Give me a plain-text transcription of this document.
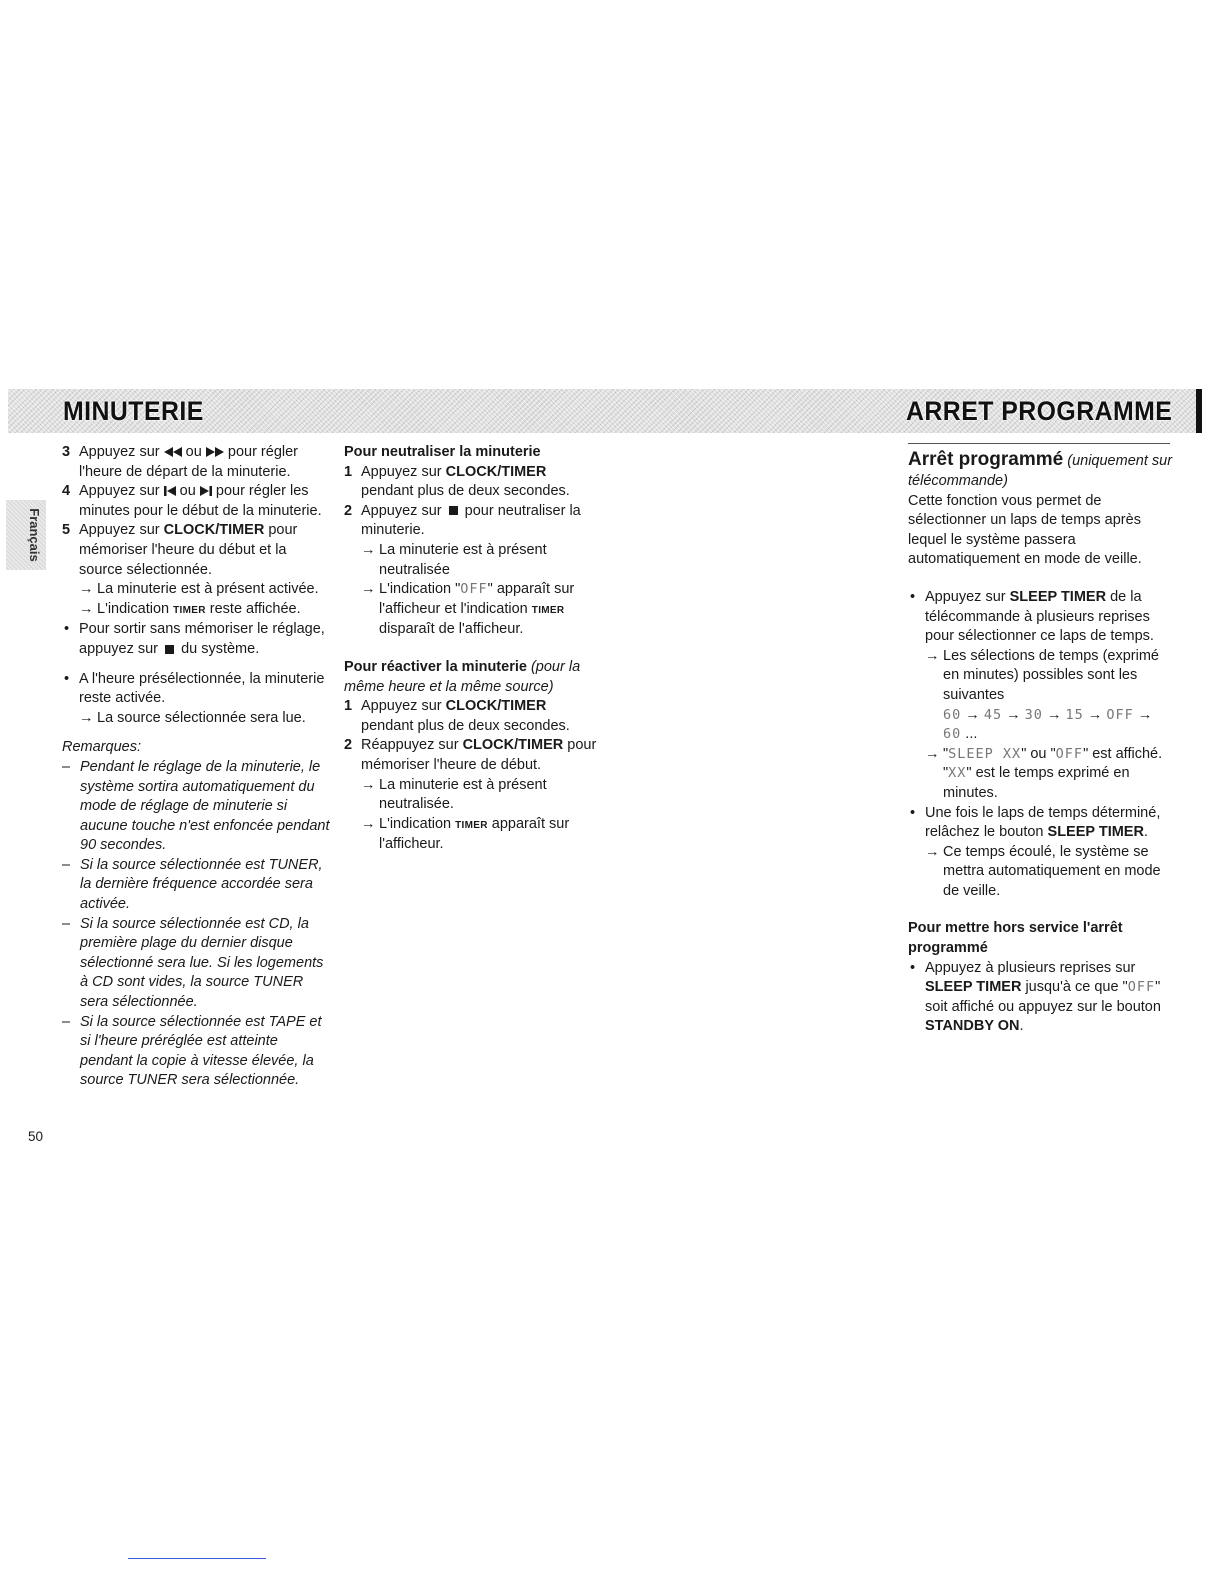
MINUTERIE	ARRET PROGRAMME
Français
3 Appuyez sur ou pour régler l'heure de départ de la minuterie.
4 Appuyez sur ou pour régler les minutes pour le début de la minuterie.
5 Appuyez sur CLOCK/TIMER pour mémoriser l'heure du début et la source sélectionnée.
→ La minuterie est à présent activée.
→ L'indication TIMER reste affichée.
• Pour sortir sans mémoriser le réglage, appuyez sur du système.
• A l'heure présélectionnée, la minuterie reste activée.
→ La source sélectionnée sera lue.

Remarques:

– Pendant le réglage de la minuterie, le système sortira automatiquement du mode de réglage de minuterie si aucune touche n'est enfoncée pendant 90 secondes.
– Si la source sélectionnée est TUNER, la dernière fréquence accordée sera activée.
– Si la source sélectionnée est CD, la première plage du dernier disque sélectionné sera lue. Si les logements à CD sont vides, la source TUNER sera sélectionnée.
– Si la source sélectionnée est TAPE et si l'heure préréglée est atteinte pendant la copie à vitesse élevée, la source TUNER sera sélectionnée.

Pour neutraliser la minuterie

1 Appuyez sur CLOCK/TIMER pendant plus de deux secondes.
2 Appuyez sur pour neutraliser la minuterie.
→ La minuterie est à présent neutralisée
→ L'indication "OFF" apparaît sur l'afficheur et l'indication TIMER disparaît de l'afficheur.

Pour réactiver la minuterie (pour la même heure et la même source)

1 Appuyez sur CLOCK/TIMER pendant plus de deux secondes.
2 Réappuyez sur CLOCK/TIMER pour mémoriser l'heure de début.
→ La minuterie est à présent neutralisée.
→ L'indication TIMER apparaît sur l'afficheur.

Arrêt programmé (uniquement sur télécommande)

Cette fonction vous permet de sélectionner un laps de temps après lequel le système passera automatiquement en mode de veille.

• Appuyez sur SLEEP TIMER de la télécommande à plusieurs reprises pour sélectionner ce laps de temps.
→ Les sélections de temps (exprimé en minutes) possibles sont les suivantes
60 → 45 → 30 → 15 → OFF → 60 ...
→ "SLEEP XX" ou "OFF" est affiché. "XX" est le temps exprimé en minutes.
• Une fois le laps de temps déterminé, relâchez le bouton SLEEP TIMER.
→ Ce temps écoulé, le système se mettra automatiquement en mode de veille.

Pour mettre hors service l'arrêt programmé

• Appuyez à plusieurs reprises sur SLEEP TIMER jusqu'à ce que "OFF" soit affiché ou appuyez sur le bouton STANDBY ON.
50
